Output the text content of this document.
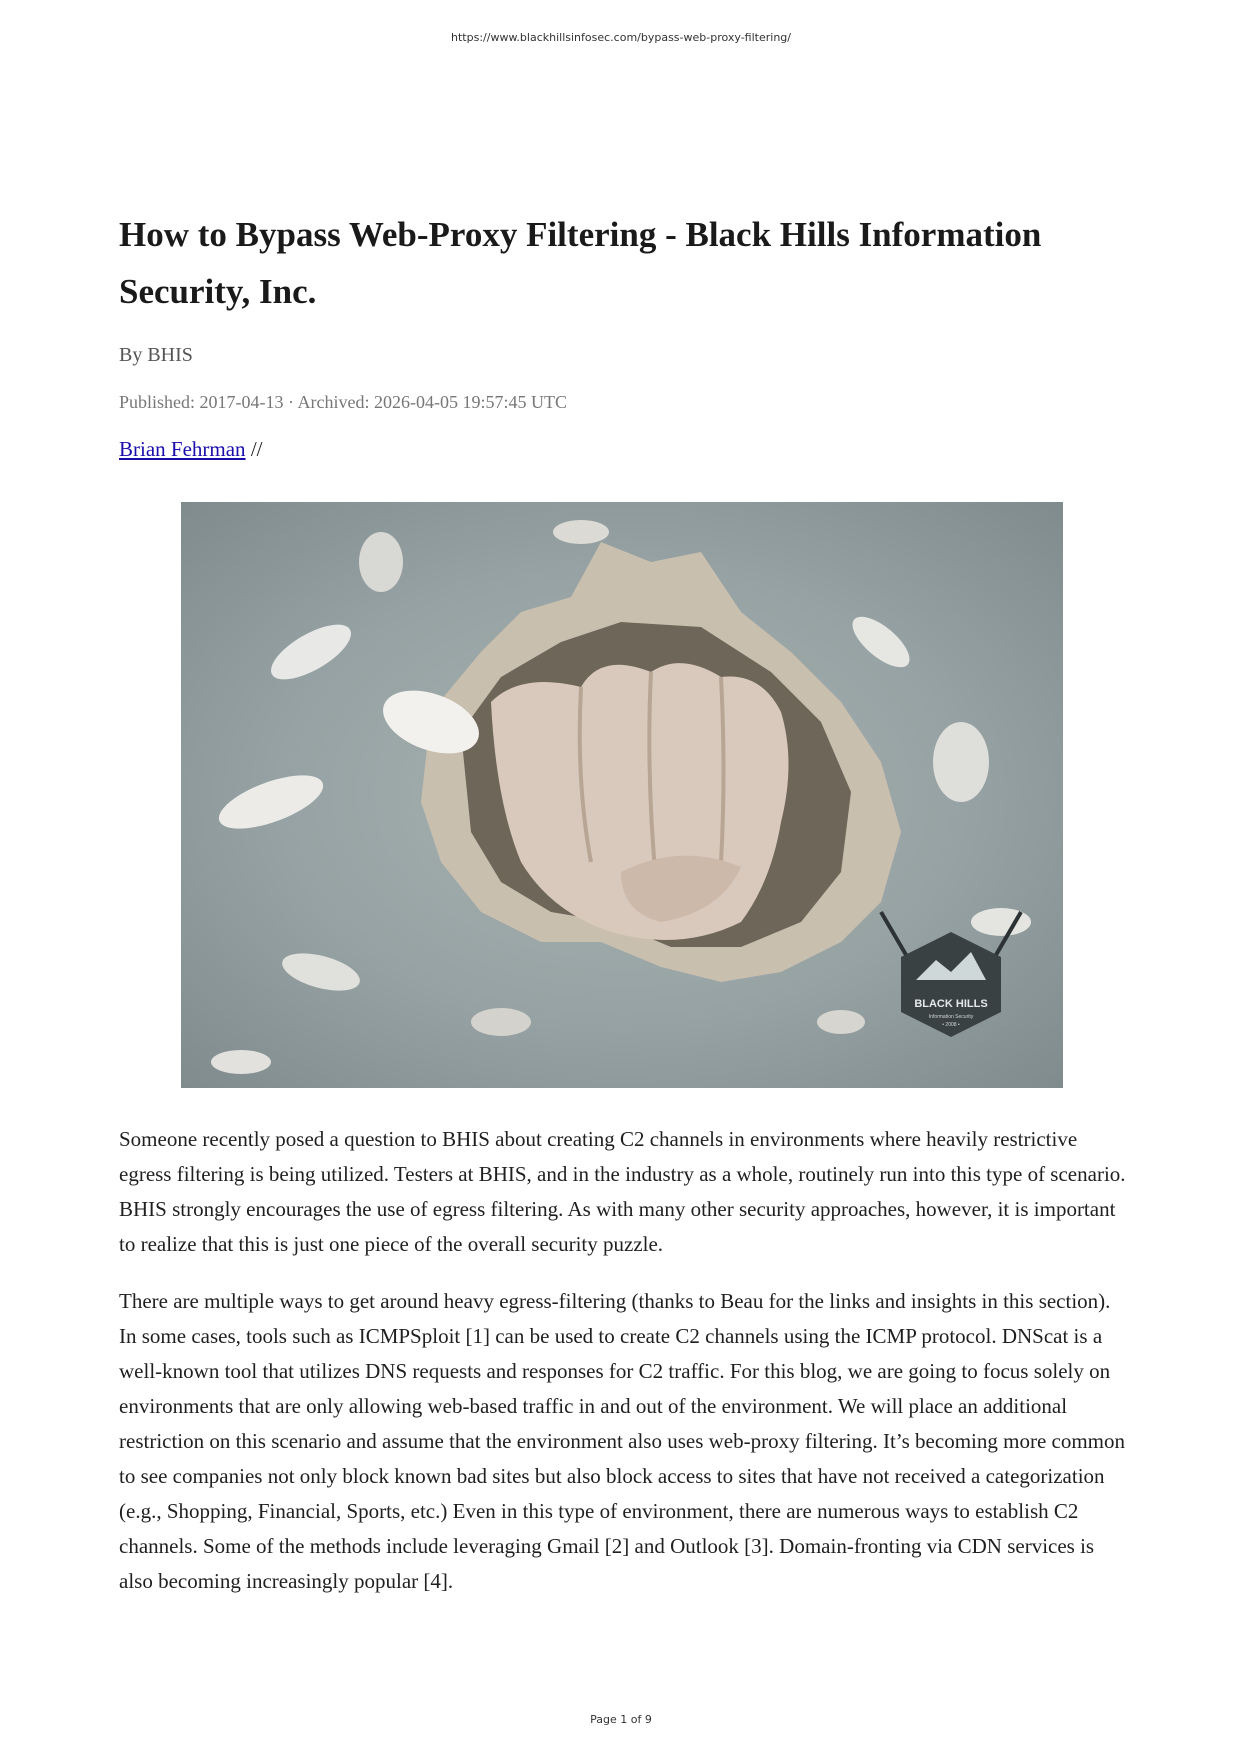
https://www.blackhillsinfosec.com/bypass-web-proxy-filtering/
How to Bypass Web-Proxy Filtering - Black Hills Information Security, Inc.
By BHIS
Published: 2017-04-13 · Archived: 2026-04-05 19:57:45 UTC
Brian Fehrman //
BLACK HILLS
Information Security
• 2008 •

Someone recently posed a question to BHIS about creating C2 channels in environments where heavily restrictive egress filtering is being utilized. Testers at BHIS, and in the industry as a whole, routinely run into this type of scenario. BHIS strongly encourages the use of egress filtering. As with many other security approaches, however, it is important to realize that this is just one piece of the overall security puzzle.

There are multiple ways to get around heavy egress-filtering (thanks to Beau for the links and insights in this section). In some cases, tools such as ICMPSploit [1] can be used to create C2 channels using the ICMP protocol. DNScat is a well-known tool that utilizes DNS requests and responses for C2 traffic. For this blog, we are going to focus solely on environments that are only allowing web-based traffic in and out of the environment. We will place an additional restriction on this scenario and assume that the environment also uses web-proxy filtering. It’s becoming more common to see companies not only block known bad sites but also block access to sites that have not received a categorization (e.g., Shopping, Financial, Sports, etc.) Even in this type of environment, there are numerous ways to establish C2 channels. Some of the methods include leveraging Gmail [2] and Outlook [3]. Domain-fronting via CDN services is also becoming increasingly popular [4].

Page 1 of 9
